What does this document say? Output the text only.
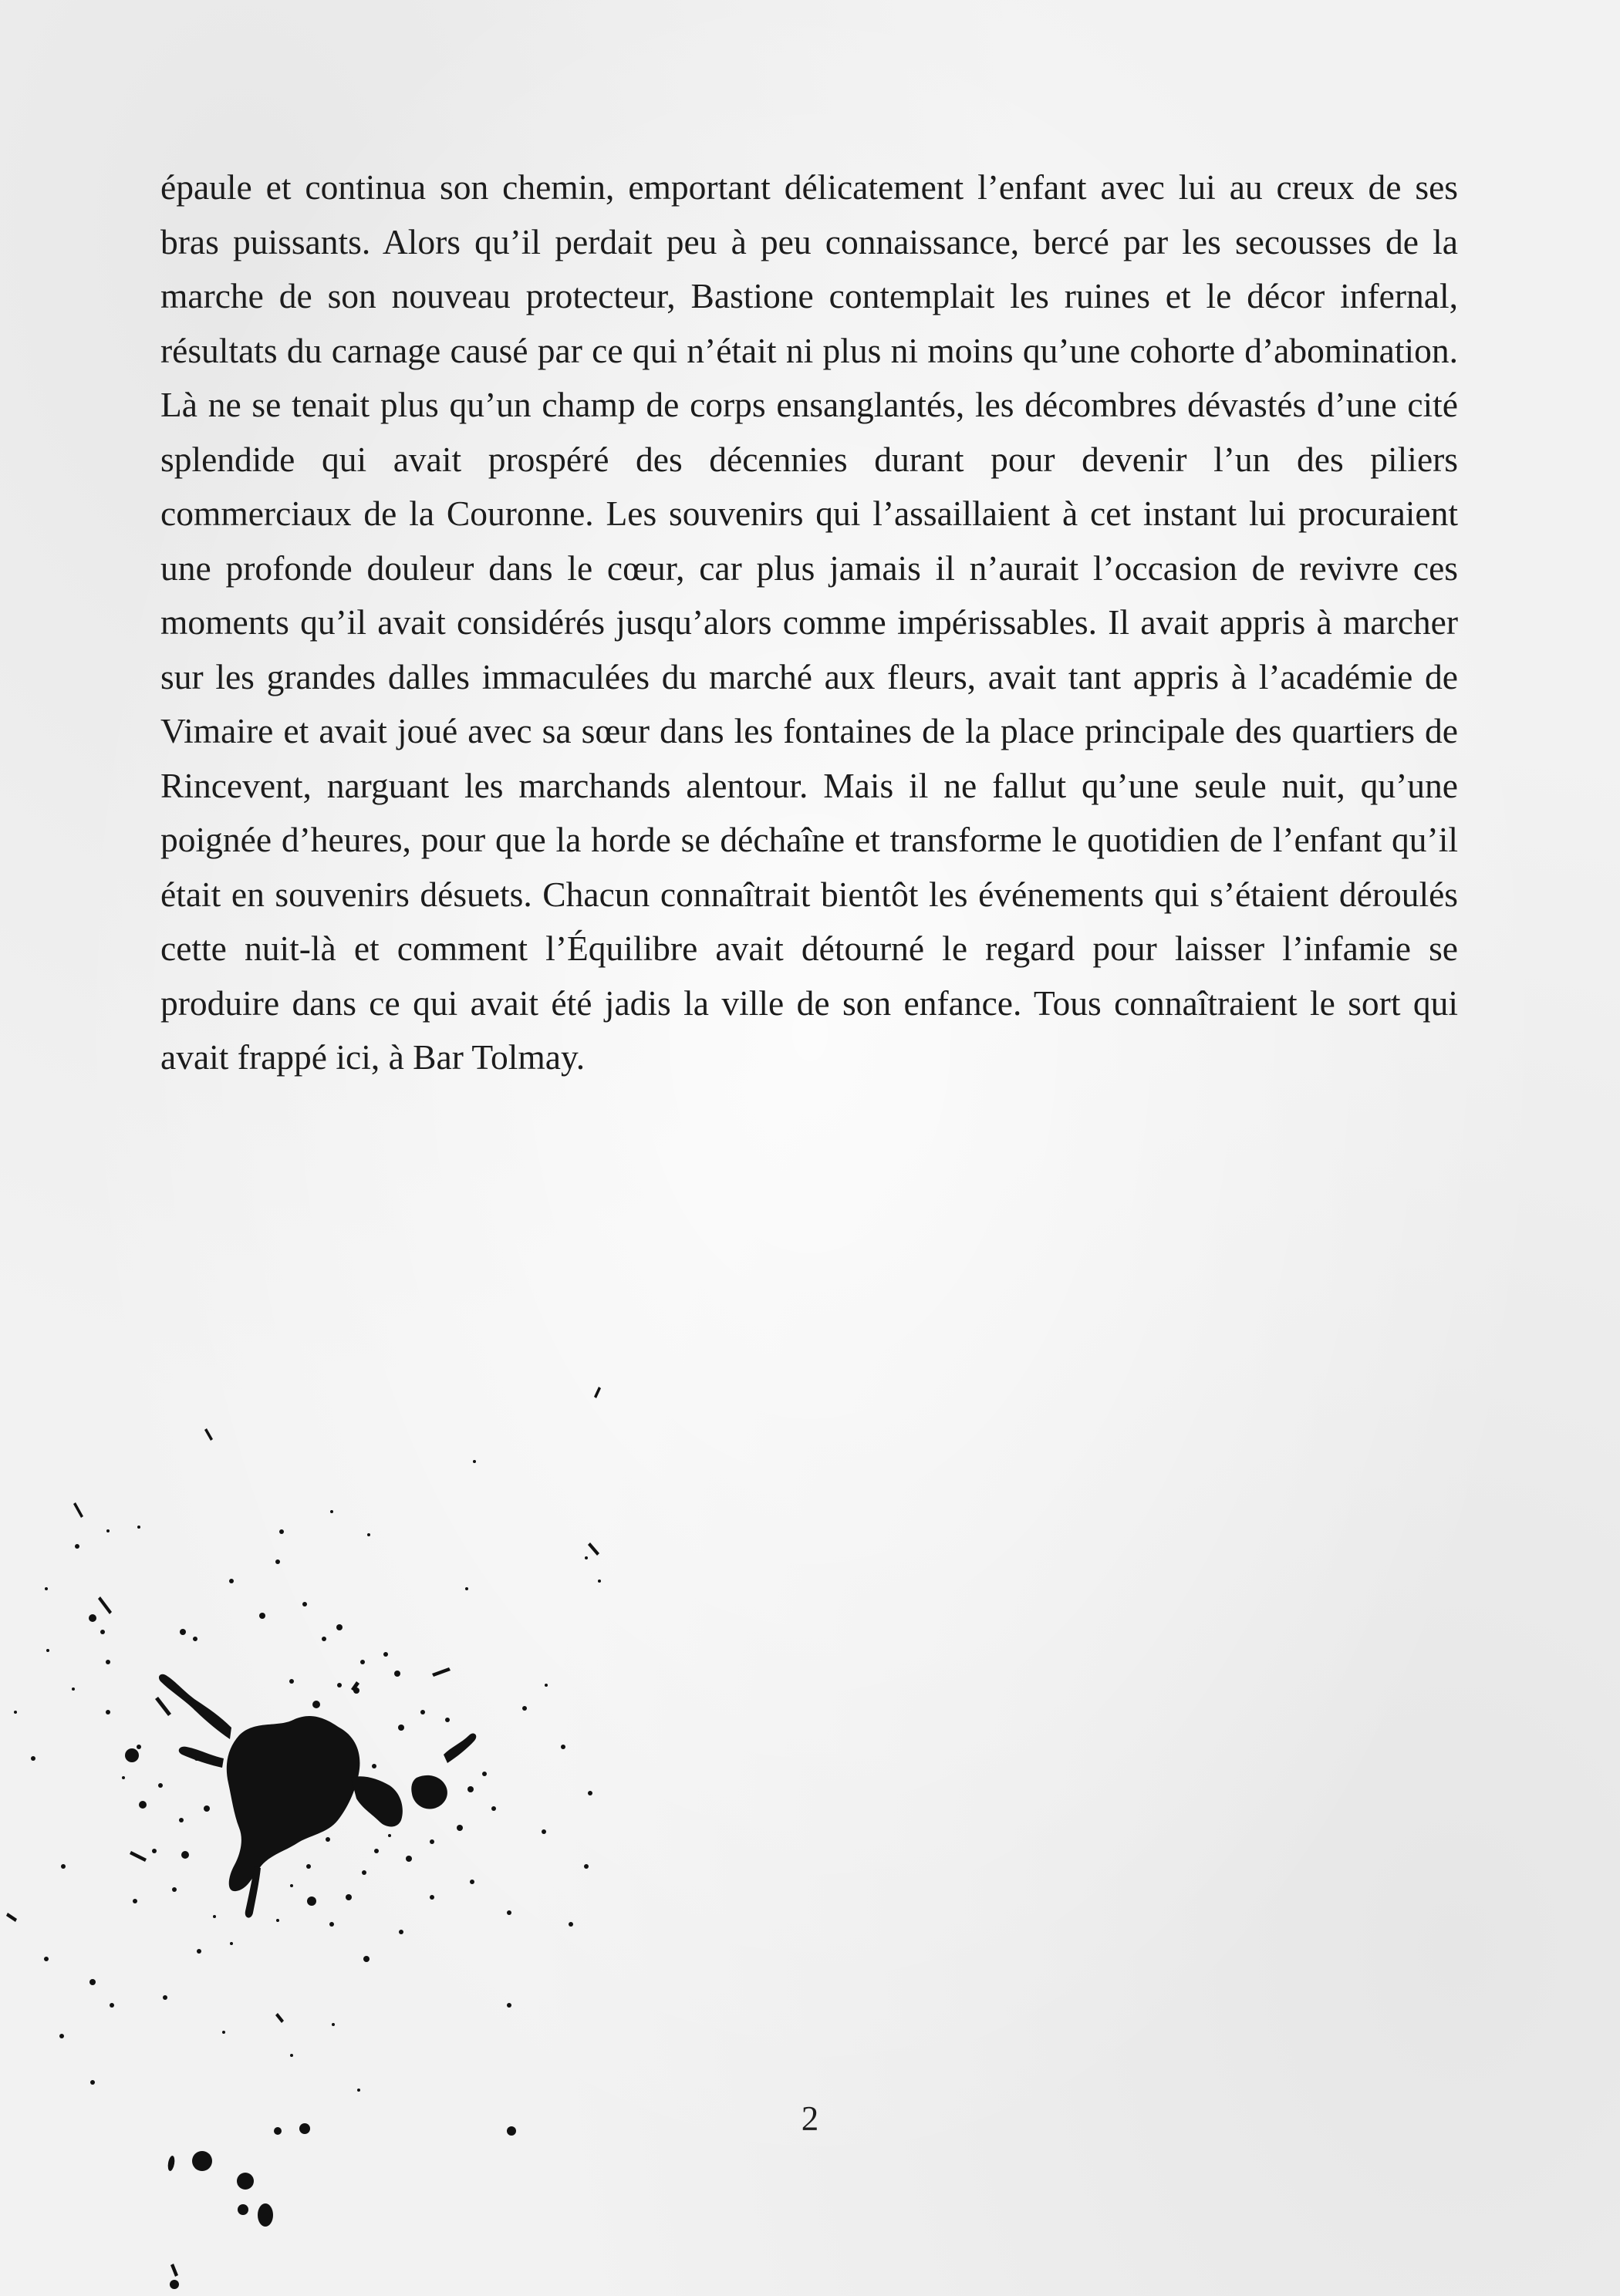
épaule et continua son chemin, emportant délicatement l’enfant avec lui au creux de ses bras puissants. Alors qu’il perdait peu à peu connaissance, bercé par les secousses de la marche de son nouveau protecteur, Bastione contemplait les ruines et le décor infernal, résultats du carnage causé par ce qui n’était ni plus ni moins qu’une cohorte d’abomination. Là ne se tenait plus qu’un champ de corps ensanglantés, les décombres dévastés d’une cité splendide qui avait prospéré des décennies durant pour devenir l’un des piliers commerciaux de la Couronne. Les souvenirs qui l’assaillaient à cet instant lui procuraient une profonde douleur dans le cœur, car plus jamais il n’aurait l’occasion de revivre ces moments qu’il avait considérés jusqu’alors comme impérissables. Il avait appris à marcher sur les grandes dalles immaculées du marché aux fleurs, avait tant appris à l’académie de Vimaire et avait joué avec sa sœur dans les fontaines de la place principale des quartiers de Rincevent, narguant les marchands alentour. Mais il ne fallut qu’une seule nuit, qu’une poignée d’heures, pour que la horde se déchaîne et transforme le quotidien de l’enfant qu’il était en souvenirs désuets. Chacun connaîtrait bientôt les événements qui s’étaient déroulés cette nuit-là et comment l’Équilibre avait détourné le regard pour laisser l’infamie se produire dans ce qui avait été jadis la ville de son enfance. Tous connaîtraient le sort qui avait frappé ici, à Bar Tolmay.

2
